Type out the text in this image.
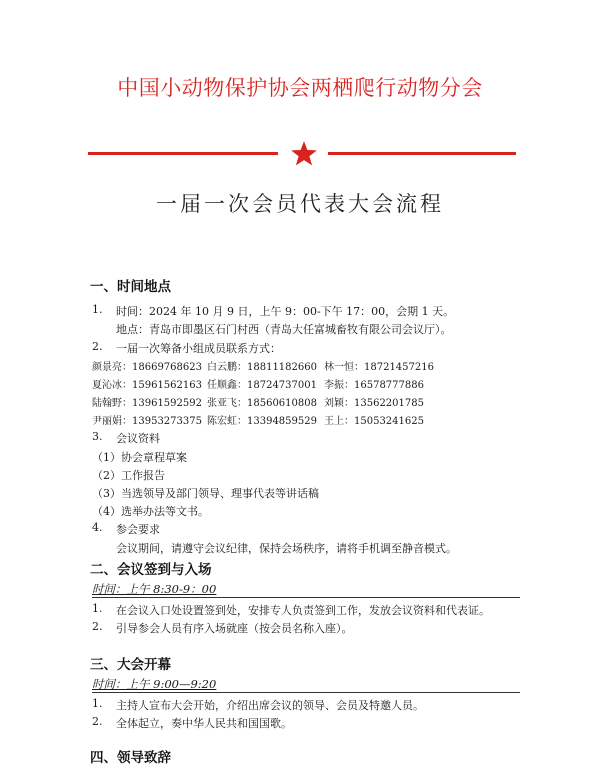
中国小动物保护协会两栖爬行动物分会
一届一次会员代表大会流程
一、时间地点
1. 时间：2024 年 10 月 9 日，上午 9：00-下午 17：00，会期 1 天。
地点：青岛市即墨区石门村西（青岛大任富城畜牧有限公司会议厅）。
2. 一届一次筹备小组成员联系方式：
颜景亮：18669768623 白云鹏：18811182660 林一恒：18721457216
夏沁冰：15961562163 任顺鑫：18724737001 李振：16578777886
陆翰野：13961592592 张亚飞：18560610808 刘颖：13562201785
尹丽娟：13953273375 陈宏虹：13394859529 王上：15053241625
3. 会议资料
（1）协会章程草案
（2）工作报告
（3）当选领导及部门领导、理事代表等讲话稿
（4）选举办法等文书。
4. 参会要求
会议期间，请遵守会议纪律，保持会场秩序，请将手机调至静音模式。
二、会议签到与入场
时间：上午 8:30-9：00
1. 在会议入口处设置签到处，安排专人负责签到工作，发放会议资料和代表证。
2. 引导参会人员有序入场就座（按会员名称入座）。
三、大会开幕
时间：上午 9:00—9:20
1. 主持人宣布大会开始，介绍出席会议的领导、会员及特邀人员。
2. 全体起立，奏中华人民共和国国歌。
四、领导致辞
